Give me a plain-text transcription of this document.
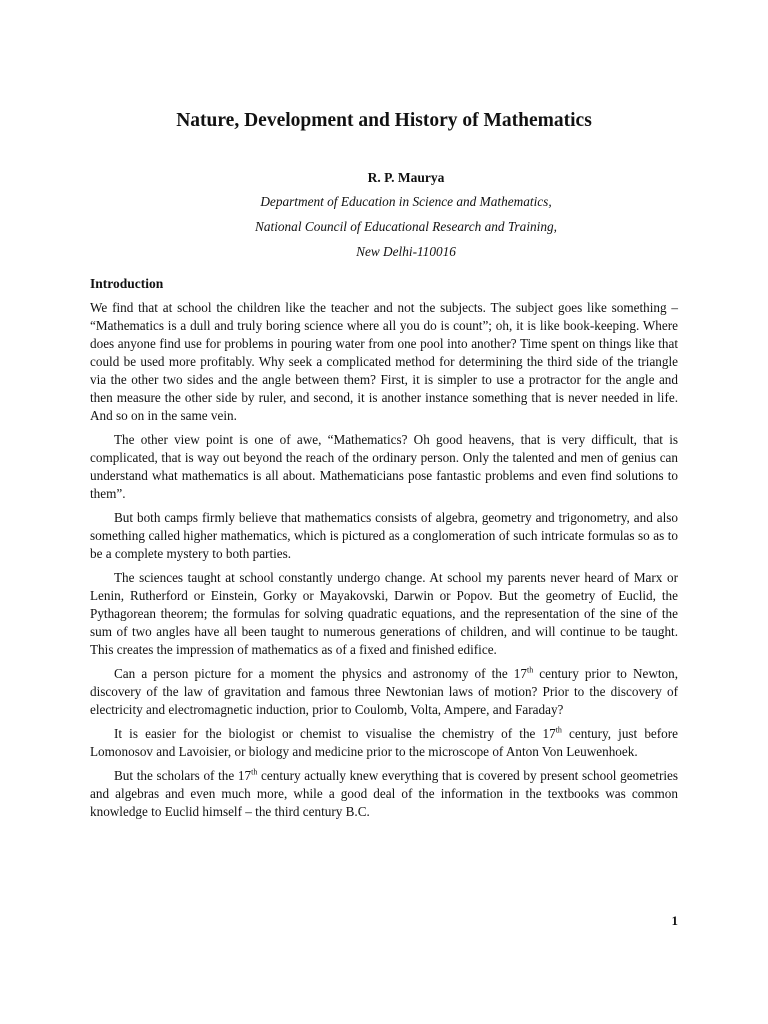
Nature, Development and History of Mathematics

R. P. Maurya

Department of Education in Science and Mathematics,

National Council of Educational Research and Training,

New Delhi-110016

Introduction

We find that at school the children like the teacher and not the subjects. The subject goes like something – “Mathematics is a dull and truly boring science where all you do is count”; oh, it is like book-keeping. Where does anyone find use for problems in pouring water from one pool into another? Time spent on things like that could be used more profitably. Why seek a complicated method for determining the third side of the triangle via the other two sides and the angle between them? First, it is simpler to use a protractor for the angle and then measure the other side by ruler, and second, it is another instance something that is never needed in life. And so on in the same vein.

The other view point is one of awe, “Mathematics? Oh good heavens, that is very difficult, that is complicated, that is way out beyond the reach of the ordinary person. Only the talented and men of genius can understand what mathematics is all about. Mathematicians pose fantastic problems and even find solutions to them”.

But both camps firmly believe that mathematics consists of algebra, geometry and trigonometry, and also something called higher mathematics, which is pictured as a conglomeration of such intricate formulas so as to be a complete mystery to both parties.

The sciences taught at school constantly undergo change. At school my parents never heard of Marx or Lenin, Rutherford or Einstein, Gorky or Mayakovski, Darwin or Popov. But the geometry of Euclid, the Pythagorean theorem; the formulas for solving quadratic equations, and the representation of the sine of the sum of two angles have all been taught to numerous generations of children, and will continue to be taught. This creates the impression of mathematics as of a fixed and finished edifice.

Can a person picture for a moment the physics and astronomy of the 17th century prior to Newton, discovery of the law of gravitation and famous three Newtonian laws of motion? Prior to the discovery of electricity and electromagnetic induction, prior to Coulomb, Volta, Ampere, and Faraday?

It is easier for the biologist or chemist to visualise the chemistry of the 17th century, just before Lomonosov and Lavoisier, or biology and medicine prior to the microscope of Anton Von Leuwenhoek.

But the scholars of the 17th century actually knew everything that is covered by present school geometries and algebras and even much more, while a good deal of the information in the textbooks was common knowledge to Euclid himself – the third century B.C.

1
